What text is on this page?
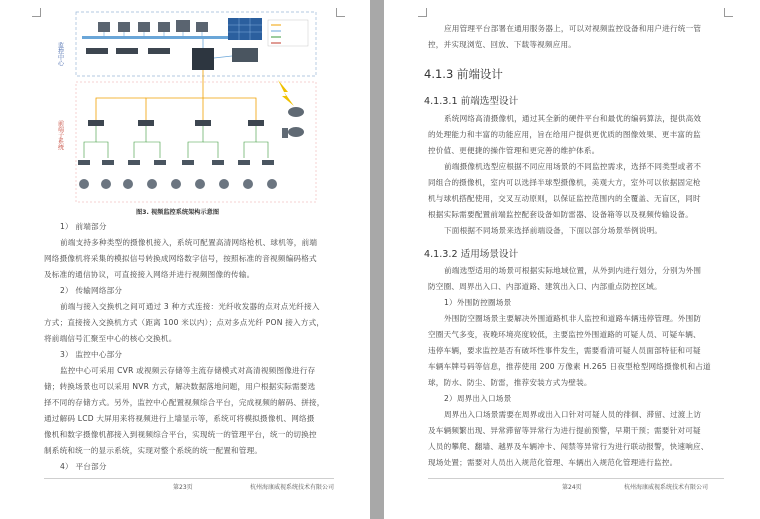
监控中心
前端子系统
图3. 视频监控系统架构示意图
1） 前端部分
前端支持多种类型的摄像机接入，系统可配置高清网络枪机、球机等，前端
网络摄像机将采集的模拟信号转换成网络数字信号，按照标准的音视频编码格式
及标准的通信协议，可直接接入网络并进行视频图像的传输。
2） 传输网络部分
前端与接入交换机之间可通过 3 种方式连接：光纤收发器的点对点光纤接入
方式；直接接入交换机方式（距离 100 米以内）；点对多点光纤 PON 接入方式，
将前端信号汇聚至中心的核心交换机。
3） 监控中心部分
监控中心可采用 CVR 或视频云存储等主流存储模式对高清视频图像进行存
储；转换场景也可以采用 NVR 方式，解决数据落地问题，用户根据实际需要选
择不同的存储方式。另外，监控中心配置视频综合平台，完成视频的解码、拼接，
通过解码 LCD 大屏用来将视频进行上墙显示等，系统可将模拟摄像机、网络摄
像机和数字摄像机都接入到视频综合平台，实现统一的管理平台，统一的切换控
制系统和统一的显示系统，实现对整个系统的统一配置和管理。
4） 平台部分
第23页	杭州海康威视系统技术有限公司
应用管理平台部署在通用服务器上，可以对视频监控设备和用户进行统一管
控，并实现浏览、回放、下载等视频应用。
4.1.3 前端设计
4.1.3.1 前端选型设计
系统网络高清摄像机，通过其全新的硬件平台和最优的编码算法，提供高效
的处理能力和丰富的功能应用，旨在给用户提供更优质的图像效果、更丰富的监
控价值、更便捷的操作管理和更完善的维护体系。
前端摄像机选型应根据不同应用场景的不同监控需求，选择不同类型或者不
同组合的摄像机，室内可以选择半球型摄像机，美观大方，室外可以依据固定枪
机与球机搭配使用，交叉互动原则，以保证监控范围内的全覆盖、无盲区，同时
根据实际需要配置前端监控配套设备如防雷器、设备箱等以及视频传输设备。
下面根据不同场景来选择前端设备，下面以部分场景举例说明。
4.1.3.2 适用场景设计
前端选型适用的场景可根据实际地域位置，从外到内进行划分，分别为外围
防空圈、周界出入口、内部道路、建筑出入口、内部重点防控区域。
1）外围防控圈场景
外围防空圈场景主要解决外围道路机非人监控和道路车辆违停管理。外围防
空圈天气多变，夜晚环境亮度较低，主要监控外围道路的可疑人员、可疑车辆、
违停车辆，要求监控是否有破坏性事件发生，需要看清可疑人员面部特征和可疑
车辆车牌号码等信息，推荐使用 200 万像素 H.265 日夜型枪型网络摄像机和占道
球，防水、防尘、防雷，推荐安装方式为壁装。
2）周界出入口场景
周界出入口场景需要在周界或出入口针对可疑人员的徘徊、滞留、过渡上访
及车辆频繁出现、异常滞留等异常行为进行提前预警，早期干预；需要针对可疑
人员的攀爬、翻墙、越界及车辆冲卡、闯禁等异常行为进行联动报警，快速响应、
现场处置；需要对人员出入规范化管理、车辆出入规范化管理进行监控。
第24页	杭州海康威视系统技术有限公司
